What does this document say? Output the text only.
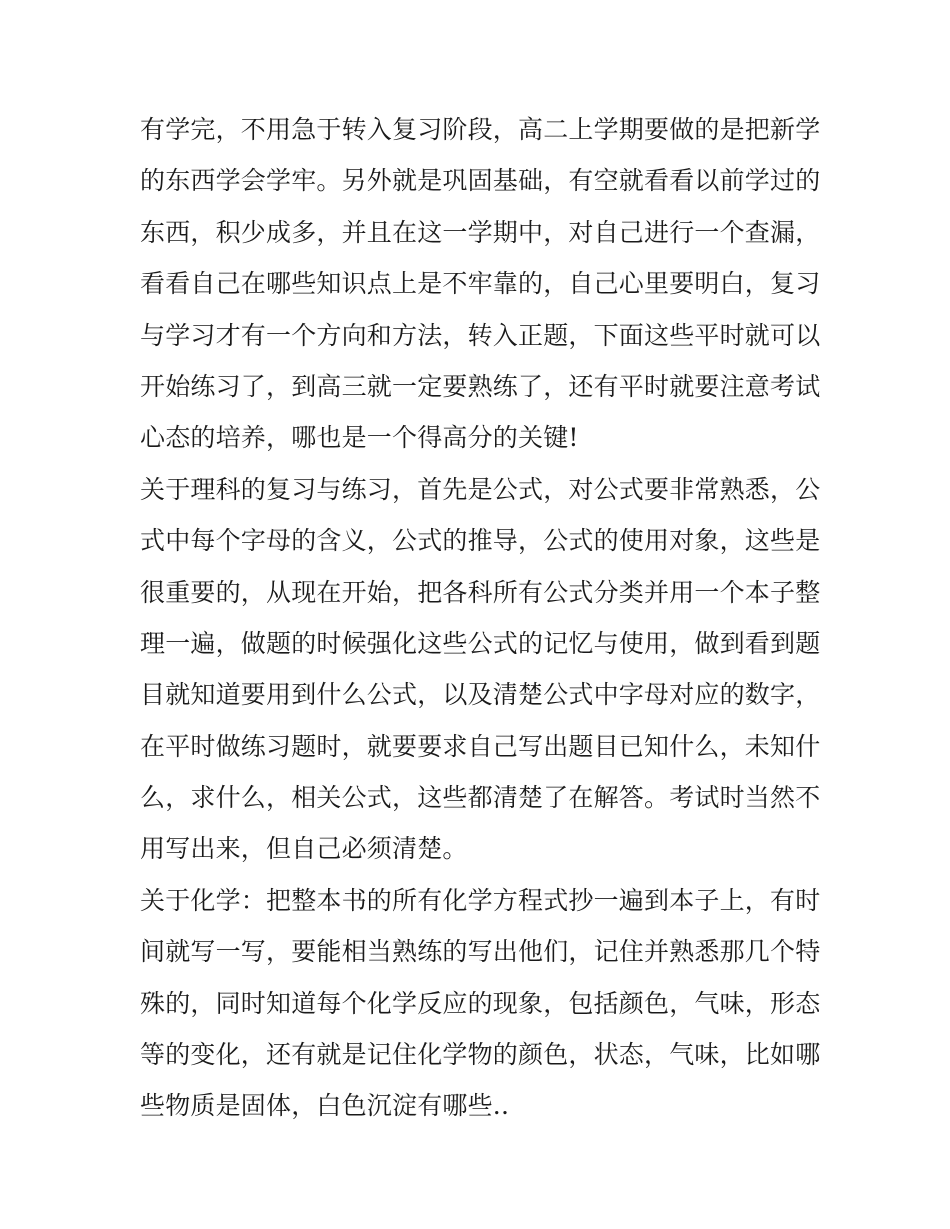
有学完，不用急于转入复习阶段，高二上学期要做的是把新学
的东西学会学牢。另外就是巩固基础，有空就看看以前学过的
东西，积少成多，并且在这一学期中，对自己进行一个查漏，
看看自己在哪些知识点上是不牢靠的，自己心里要明白，复习
与学习才有一个方向和方法，转入正题，下面这些平时就可以
开始练习了，到高三就一定要熟练了，还有平时就要注意考试
心态的培养，哪也是一个得高分的关键!
关于理科的复习与练习，首先是公式，对公式要非常熟悉，公
式中每个字母的含义，公式的推导，公式的使用对象，这些是
很重要的，从现在开始，把各科所有公式分类并用一个本子整
理一遍，做题的时候强化这些公式的记忆与使用，做到看到题
目就知道要用到什么公式，以及清楚公式中字母对应的数字，
在平时做练习题时，就要要求自己写出题目已知什么，未知什
么，求什么，相关公式，这些都清楚了在解答。考试时当然不
用写出来，但自己必须清楚。
关于化学：把整本书的所有化学方程式抄一遍到本子上，有时
间就写一写，要能相当熟练的写出他们，记住并熟悉那几个特
殊的，同时知道每个化学反应的现象，包括颜色，气味，形态
等的变化，还有就是记住化学物的颜色，状态，气味，比如哪
些物质是固体，白色沉淀有哪些..
